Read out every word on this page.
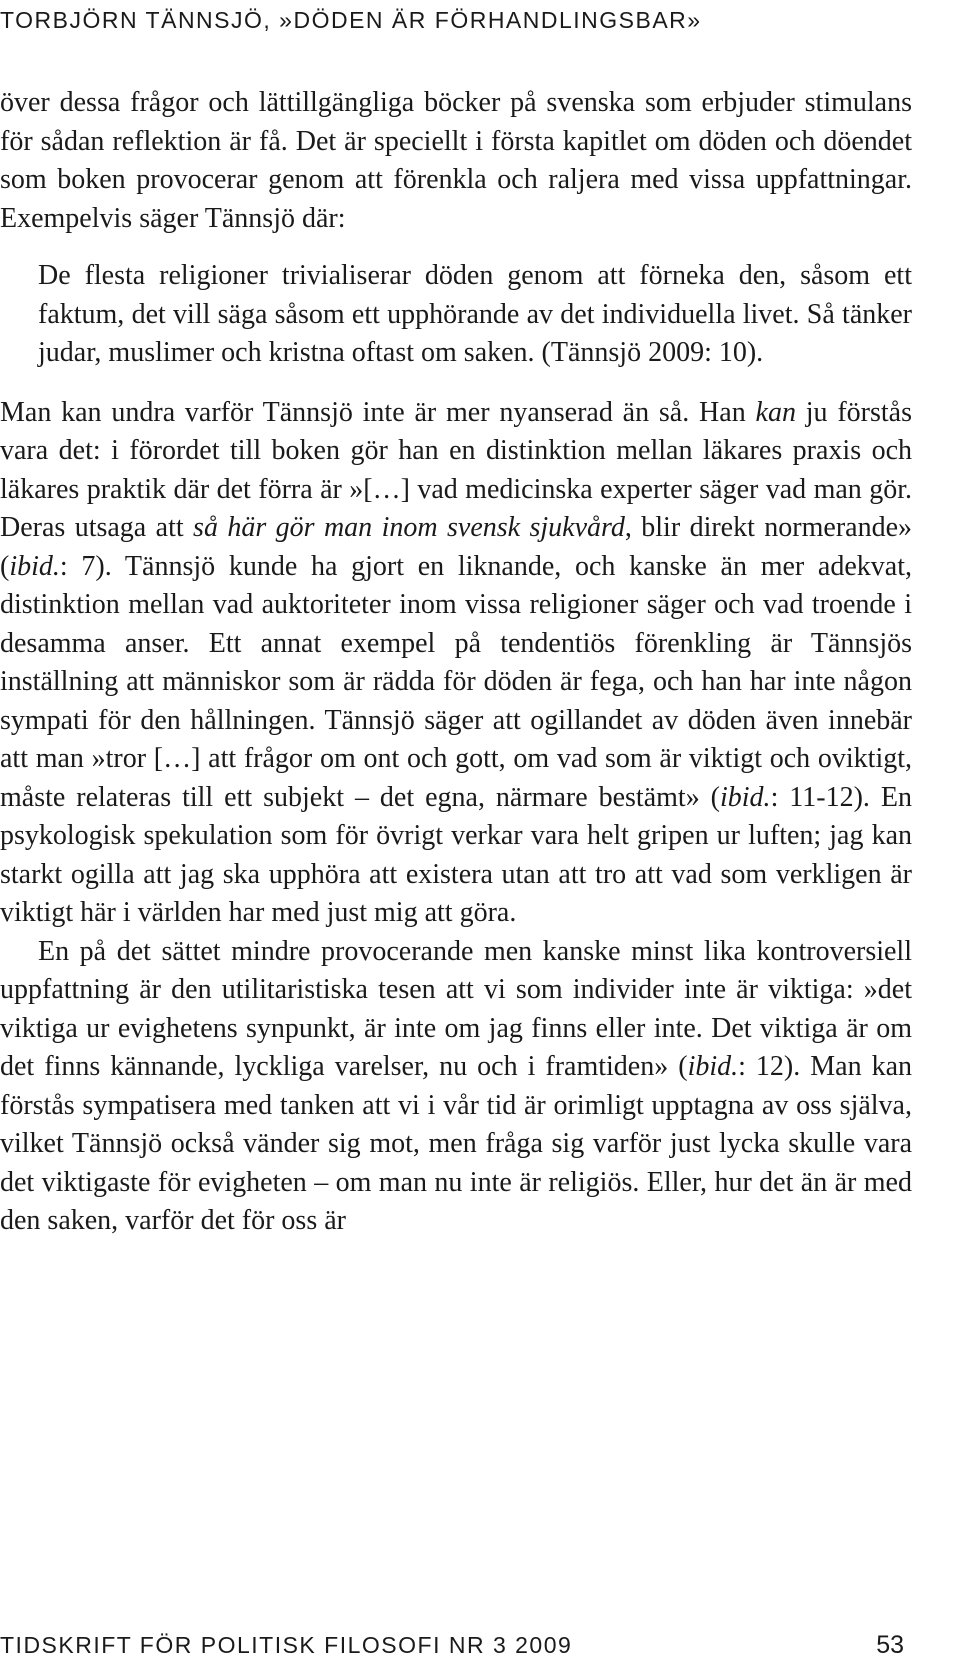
TORBJÖRN TÄNNSJÖ, »DÖDEN ÄR FÖRHANDLINGSBAR»

över dessa frågor och lättillgängliga böcker på svenska som erbjuder stimulans för sådan reflektion är få. Det är speciellt i första kapitlet om döden och döendet som boken provocerar genom att förenkla och raljera med vissa uppfattningar. Exempelvis säger Tännsjö där:

De flesta religioner trivialiserar döden genom att förneka den, såsom ett faktum, det vill säga såsom ett upphörande av det individuella livet. Så tänker judar, muslimer och kristna oftast om saken. (Tännsjö 2009: 10).

Man kan undra varför Tännsjö inte är mer nyanserad än så. Han kan ju förstås vara det: i förordet till boken gör han en distinktion mellan läkares praxis och läkares praktik där det förra är »[…] vad medicinska experter säger vad man gör. Deras utsaga att så här gör man inom svensk sjukvård, blir direkt normerande» (ibid.: 7). Tännsjö kunde ha gjort en liknande, och kanske än mer adekvat, distinktion mellan vad auktoriteter inom vissa religioner säger och vad troende i desamma anser. Ett annat exempel på tendentiös förenkling är Tännsjös inställning att människor som är rädda för döden är fega, och han har inte någon sympati för den hållningen. Tännsjö säger att ogillandet av döden även innebär att man »tror […] att frågor om ont och gott, om vad som är viktigt och oviktigt, måste relateras till ett subjekt – det egna, närmare bestämt» (ibid.: 11-12). En psykologisk spekulation som för övrigt verkar vara helt gripen ur luften; jag kan starkt ogilla att jag ska upphöra att existera utan att tro att vad som verkligen är viktigt här i världen har med just mig att göra.

En på det sättet mindre provocerande men kanske minst lika kontroversiell uppfattning är den utilitaristiska tesen att vi som individer inte är viktiga: »det viktiga ur evighetens synpunkt, är inte om jag finns eller inte. Det viktiga är om det finns kännande, lyckliga varelser, nu och i framtiden» (ibid.: 12). Man kan förstås sympatisera med tanken att vi i vår tid är orimligt upptagna av oss själva, vilket Tännsjö också vänder sig mot, men fråga sig varför just lycka skulle vara det viktigaste för evigheten – om man nu inte är religiös. Eller, hur det än är med den saken, varför det för oss är

TIDSKRIFT FÖR POLITISK FILOSOFI NR 3 2009	53
